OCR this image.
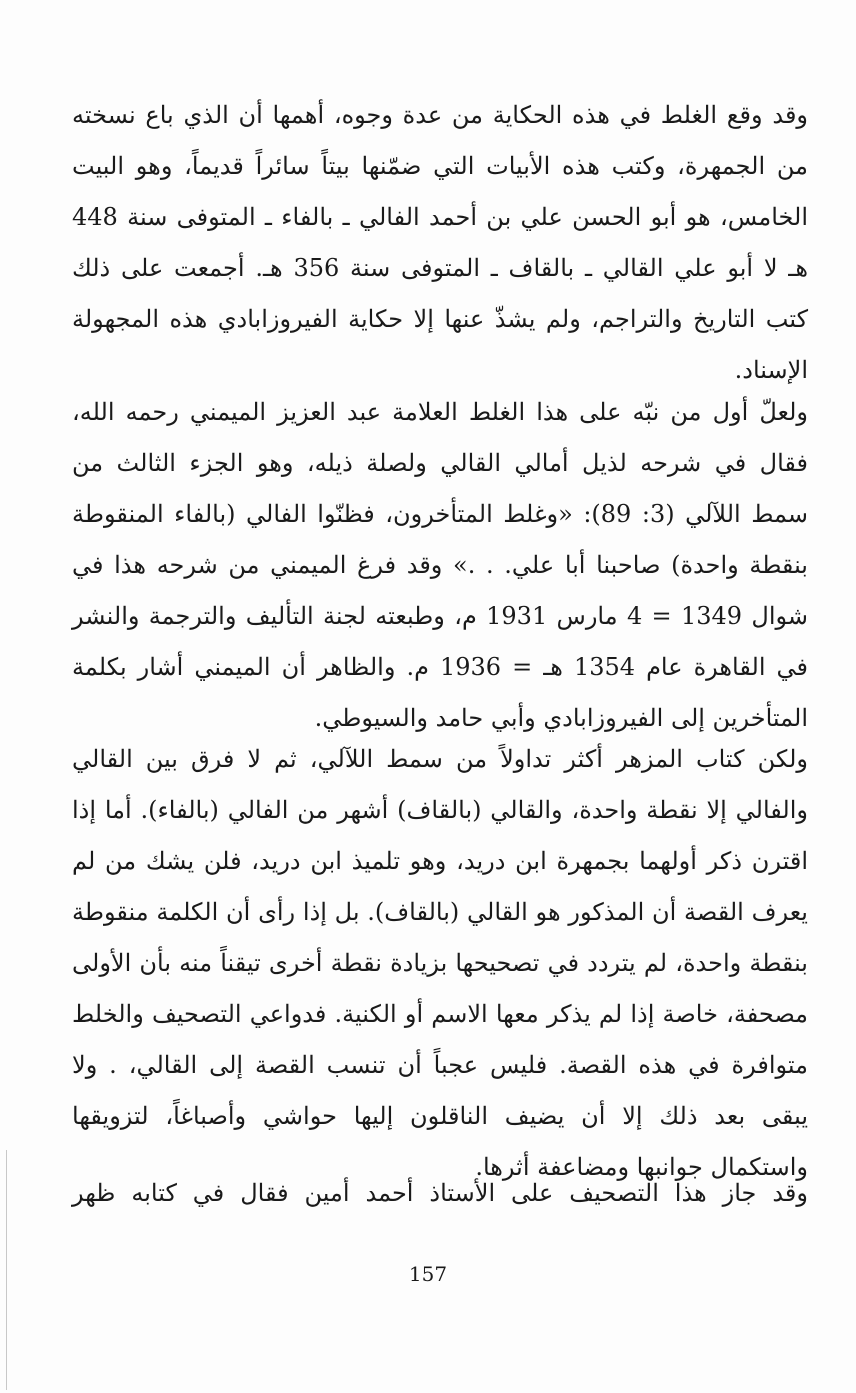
وقد وقع الغلط في هذه الحكاية من عدة وجوه، أهمها أن الذي باع نسخته من الجمهرة، وكتب هذه الأبيات التي ضمّنها بيتاً سائراً قديماً، وهو البيت الخامس، هو أبو الحسن علي بن أحمد الفالي ـ بالفاء ـ المتوفى سنة 448 هـ لا أبو علي القالي ـ بالقاف ـ المتوفى سنة 356 هـ. أجمعت على ذلك كتب التاريخ والتراجم، ولم يشذّ عنها إلا حكاية الفيروزابادي هذه المجهولة الإسناد.

ولعلّ أول من نبّه على هذا الغلط العلامة عبد العزيز الميمني رحمه الله، فقال في شرحه لذيل أمالي القالي ولصلة ذيله، وهو الجزء الثالث من سمط اللآلي (3: 89): «وغلط المتأخرون، فظنّوا الفالي (بالفاء المنقوطة بنقطة واحدة) صاحبنا أبا علي. . .» وقد فرغ الميمني من شرحه هذا في شوال 1349 = 4 مارس 1931 م، وطبعته لجنة التأليف والترجمة والنشر في القاهرة عام 1354 هـ = 1936 م. والظاهر أن الميمني أشار بكلمة المتأخرين إلى الفيروزابادي وأبي حامد والسيوطي.

ولكن كتاب المزهر أكثر تداولاً من سمط اللآلي، ثم لا فرق بين القالي والفالي إلا نقطة واحدة، والقالي (بالقاف) أشهر من الفالي (بالفاء). أما إذا اقترن ذكر أولهما بجمهرة ابن دريد، وهو تلميذ ابن دريد، فلن يشك من لم يعرف القصة أن المذكور هو القالي (بالقاف). بل إذا رأى أن الكلمة منقوطة بنقطة واحدة، لم يتردد في تصحيحها بزيادة نقطة أخرى تيقناً منه بأن الأولى مصحفة، خاصة إذا لم يذكر معها الاسم أو الكنية. فدواعي التصحيف والخلط متوافرة في هذه القصة. فليس عجباً أن تنسب القصة إلى القالي، . ولا يبقى بعد ذلك إلا أن يضيف الناقلون إليها حواشي وأصباغاً، لتزويقها واستكمال جوانبها ومضاعفة أثرها.

وقد جاز هذا التصحيف على الأستاذ أحمد أمين فقال في كتابه ظهر

157
